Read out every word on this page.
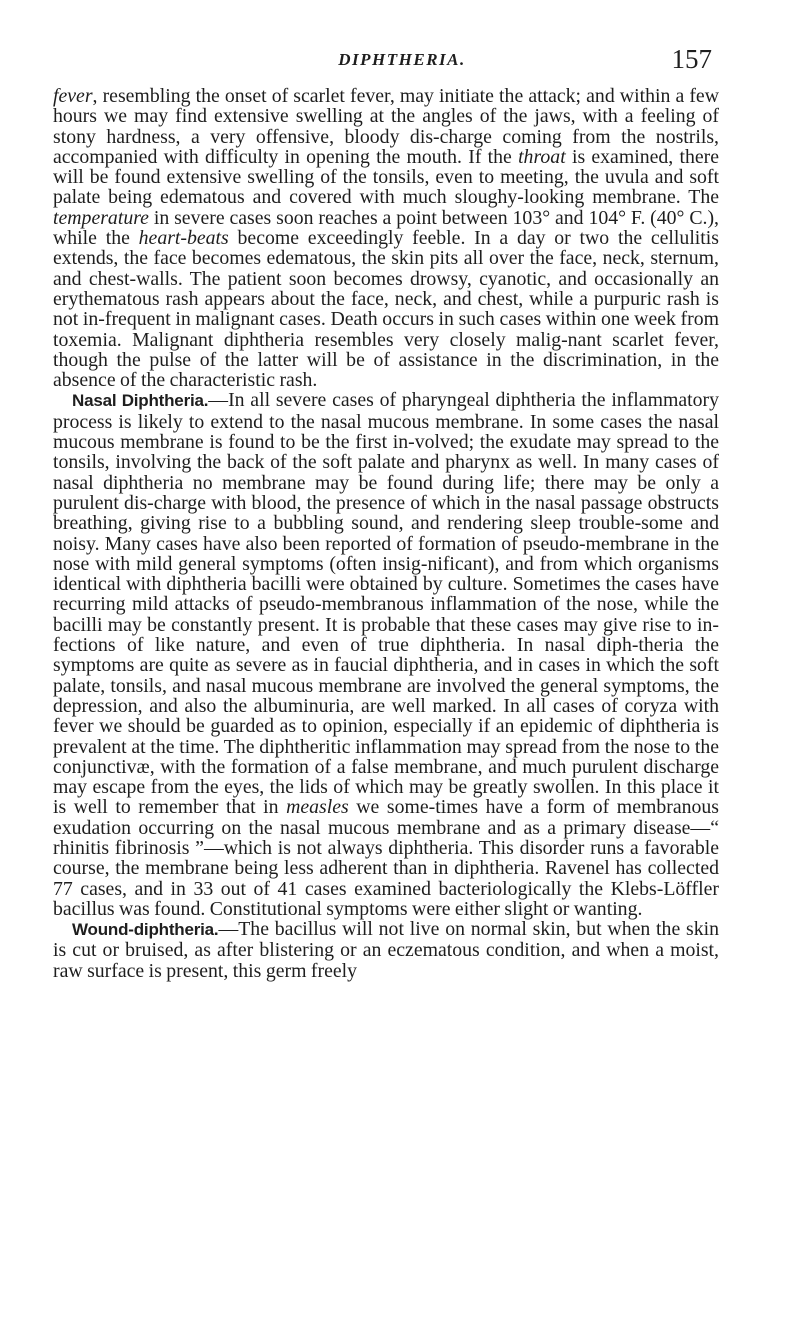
DIPHTHERIA.	157

fever, resembling the onset of scarlet fever, may initiate the attack; and within a few hours we may find extensive swelling at the angles of the jaws, with a feeling of stony hardness, a very offensive, bloody dis-charge coming from the nostrils, accompanied with difficulty in opening the mouth. If the throat is examined, there will be found extensive swelling of the tonsils, even to meeting, the uvula and soft palate being edematous and covered with much sloughy-looking membrane. The temperature in severe cases soon reaches a point between 103° and 104° F. (40° C.), while the heart-beats become exceedingly feeble. In a day or two the cellulitis extends, the face becomes edematous, the skin pits all over the face, neck, sternum, and chest-walls. The patient soon becomes drowsy, cyanotic, and occasionally an erythematous rash appears about the face, neck, and chest, while a purpuric rash is not in-frequent in malignant cases. Death occurs in such cases within one week from toxemia. Malignant diphtheria resembles very closely malig-nant scarlet fever, though the pulse of the latter will be of assistance in the discrimination, in the absence of the characteristic rash.

Nasal Diphtheria.—In all severe cases of pharyngeal diphtheria the inflammatory process is likely to extend to the nasal mucous membrane. In some cases the nasal mucous membrane is found to be the first in-volved; the exudate may spread to the tonsils, involving the back of the soft palate and pharynx as well. In many cases of nasal diphtheria no membrane may be found during life; there may be only a purulent dis-charge with blood, the presence of which in the nasal passage obstructs breathing, giving rise to a bubbling sound, and rendering sleep trouble-some and noisy. Many cases have also been reported of formation of pseudo-membrane in the nose with mild general symptoms (often insig-nificant), and from which organisms identical with diphtheria bacilli were obtained by culture. Sometimes the cases have recurring mild attacks of pseudo-membranous inflammation of the nose, while the bacilli may be constantly present. It is probable that these cases may give rise to in-fections of like nature, and even of true diphtheria. In nasal diph-theria the symptoms are quite as severe as in faucial diphtheria, and in cases in which the soft palate, tonsils, and nasal mucous membrane are involved the general symptoms, the depression, and also the albuminuria, are well marked. In all cases of coryza with fever we should be guarded as to opinion, especially if an epidemic of diphtheria is prevalent at the time. The diphtheritic inflammation may spread from the nose to the conjunctivæ, with the formation of a false membrane, and much purulent discharge may escape from the eyes, the lids of which may be greatly swollen. In this place it is well to remember that in measles we some-times have a form of membranous exudation occurring on the nasal mucous membrane and as a primary disease—“ rhinitis fibrinosis ”—which is not always diphtheria. This disorder runs a favorable course, the membrane being less adherent than in diphtheria. Ravenel has collected 77 cases, and in 33 out of 41 cases examined bacteriologically the Klebs-Löffler bacillus was found. Constitutional symptoms were either slight or wanting.

Wound-diphtheria.—The bacillus will not live on normal skin, but when the skin is cut or bruised, as after blistering or an eczematous condition, and when a moist, raw surface is present, this germ freely
